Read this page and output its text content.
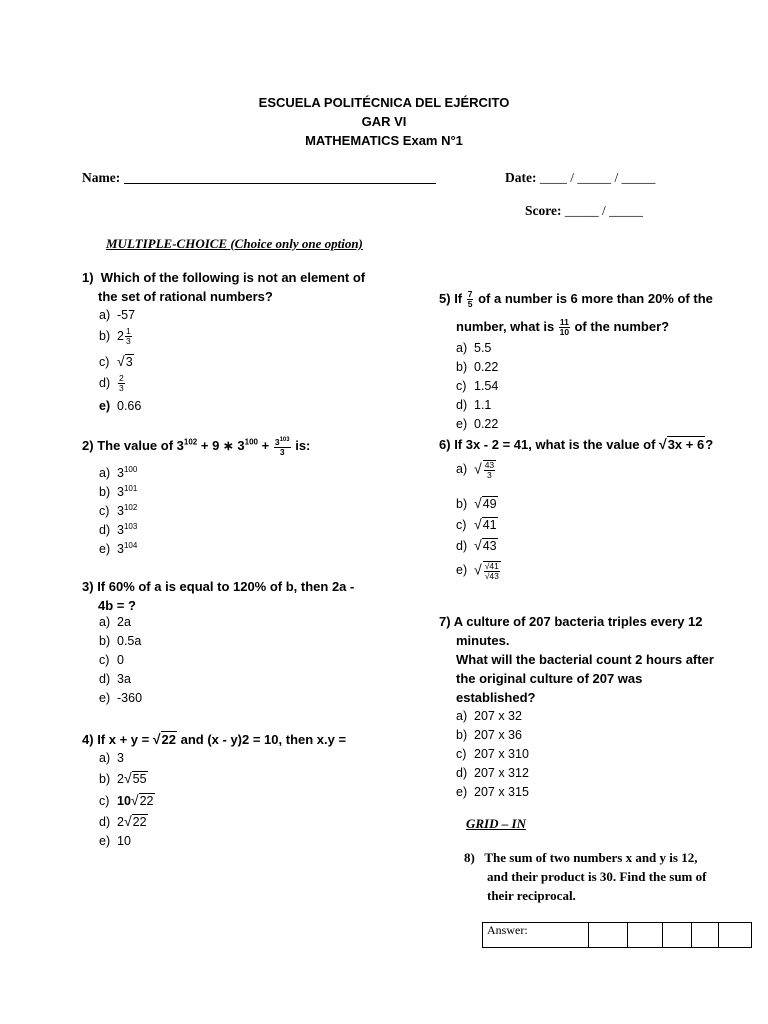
ESCUELA POLITÉCNICA DEL EJÉRCITO
GAR VI
MATHEMATICS Exam N°1
Name:	Date: ____ / _____ / _____
Score: _____ / _____
MULTIPLE-CHOICE (Choice only one option)
1) Which of the following is not an element of
the set of rational numbers?
a) -57
b) $2 \frac{1}{3}$
c) √3
$d) \frac{2}{3}$
e) 0.66
2) The value of $3^{102} + 9$ ∗ $3^{100} + \frac{3^{103}}{3}$ is:
a) $3^{100}$
b) $3^{101}$
c) $3^{102}$
d) $3^{103}$
e) $3^{104}$
3) If 60% of a is equal to 120% of b, then 2a -
4b = ?
a) 2a
b) 0.5a
c) 0
d) 3a
e) -360
4) If x + y = √22 and (x - y)2 = 10, then x.y =
a) 3
b) 2√55
c) 10√22
d) 2√22
e) 10
5) If $\frac{7}{5}$ of a number is 6 more than 20% of the
number, what is $\frac{11}{10}$ of the number?
a) 5.5
b) 0.22
c) 1.54
d) 1.1
e) 0.22
6) If 3x - 2 = 41, what is the value of √3x + 6?
a) √ $\frac{43}{3}$
b) √49
c) √41
d) √43
e) √ $\frac{√41}{√43}$
7) A culture of 207 bacteria triples every 12
minutes.
What will the bacterial count 2 hours after
the original culture of 207 was
established?
a) 207 x 32
b) 207 x 36
c) 207 x 310
d) 207 x 312
e) 207 x 315
GRID – IN
8) The sum of two numbers x and y is 12,
and their product is 30. Find the sum of
their reciprocal.
Answer:					
